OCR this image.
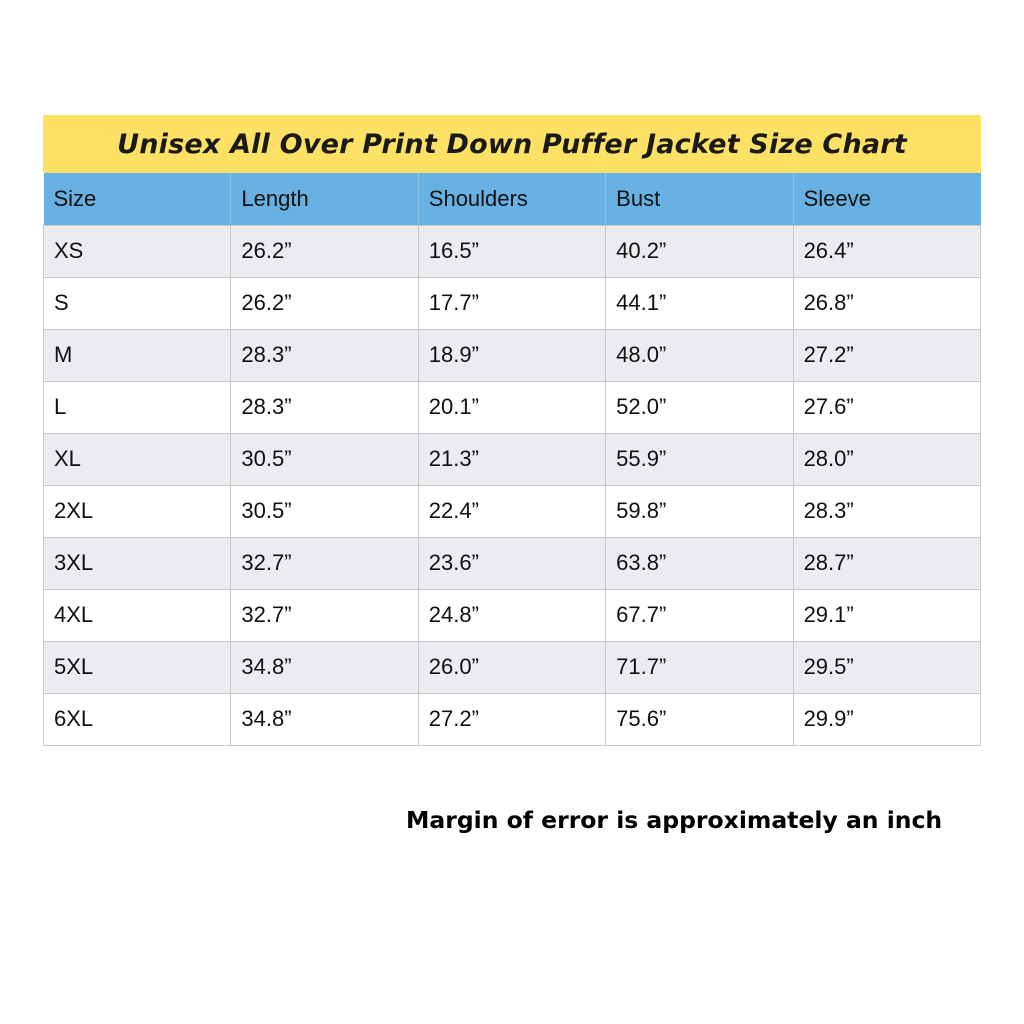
Unisex All Over Print Down Puffer Jacket Size Chart
Size	Length	Shoulders	Bust	Sleeve
XS	26.2”	16.5”	40.2”	26.4”
S	26.2”	17.7”	44.1”	26.8”
M	28.3”	18.9”	48.0”	27.2”
L	28.3”	20.1”	52.0”	27.6”
XL	30.5”	21.3”	55.9”	28.0”
2XL	30.5”	22.4”	59.8”	28.3”
3XL	32.7”	23.6”	63.8”	28.7”
4XL	32.7”	24.8”	67.7”	29.1”
5XL	34.8”	26.0”	71.7”	29.5”
6XL	34.8”	27.2”	75.6”	29.9”
Margin of error is approximately an inch
